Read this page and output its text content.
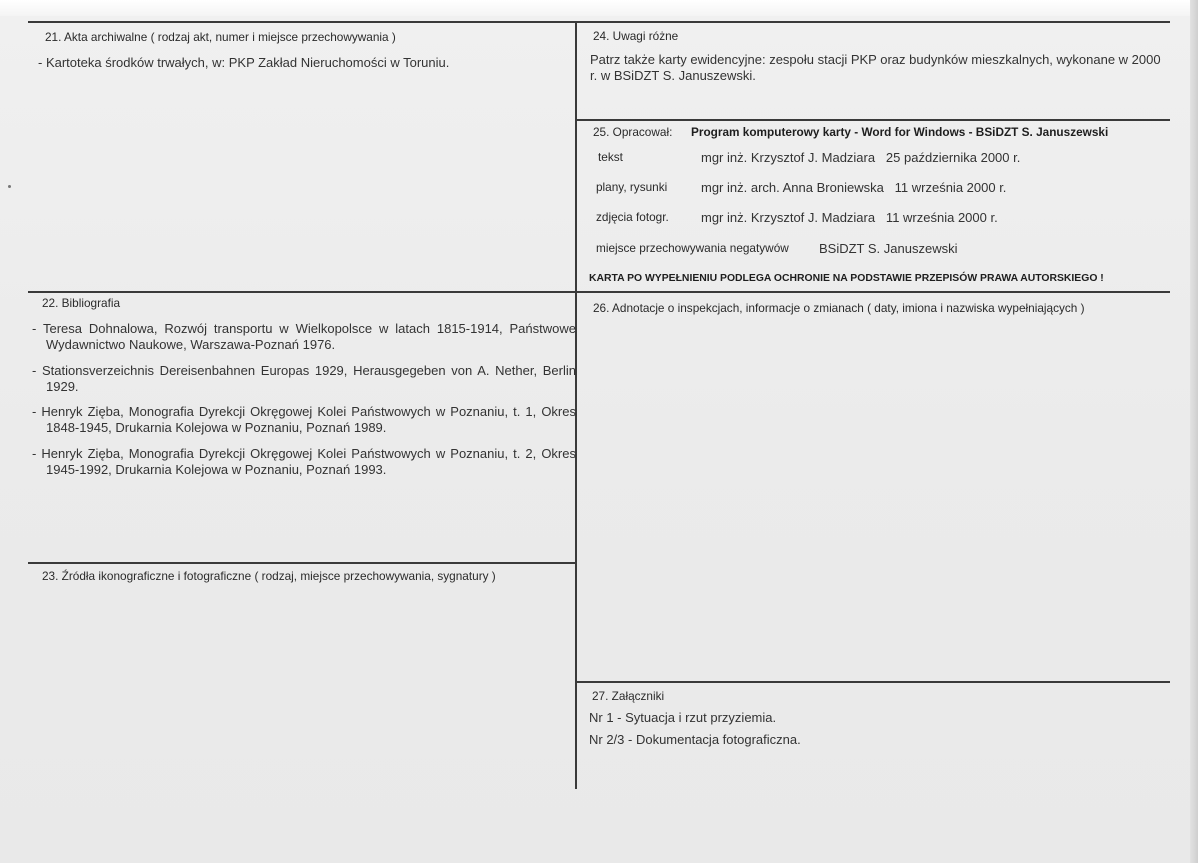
21. Akta archiwalne ( rodzaj akt, numer i miejsce przechowywania )
- Kartoteka środków trwałych, w: PKP Zakład Nieruchomości w Toruniu.
22. Bibliografia
- Teresa Dohnalowa, Rozwój transportu w Wielkopolsce w latach 1815-1914, Państwowe Wydawnictwo Naukowe, Warszawa-Poznań 1976.
- Stationsverzeichnis Dereisenbahnen Europas 1929, Herausgegeben von A. Nether, Berlin 1929.
- Henryk Zięba, Monografia Dyrekcji Okręgowej Kolei Państwowych w Poznaniu, t. 1, Okres 1848-1945, Drukarnia Kolejowa w Poznaniu, Poznań 1989.
- Henryk Zięba, Monografia Dyrekcji Okręgowej Kolei Państwowych w Poznaniu, t. 2, Okres 1945-1992, Drukarnia Kolejowa w Poznaniu, Poznań 1993.
23. Źródła ikonograficzne i fotograficzne ( rodzaj, miejsce przechowywania, sygnatury )
24. Uwagi różne
Patrz także karty ewidencyjne: zespołu stacji PKP oraz budynków mieszkalnych, wykonane w 2000 r. w BSiDZT S. Januszewski.
25. Opracował: Program komputerowy karty - Word for Windows - BSiDZT S. Januszewski
tekst	mgr inż. Krzysztof J. Madziara   25 października 2000 r.
plany, rysunki	mgr inż. arch. Anna Broniewska   11 września 2000 r.
zdjęcia fotogr. mgr inż. Krzysztof J. Madziara   11 września 2000 r.
miejsce przechowywania negatywów BSiDZT S. Januszewski
KARTA PO WYPEŁNIENIU PODLEGA OCHRONIE NA PODSTAWIE PRZEPISÓW PRAWA AUTORSKIEGO !
26. Adnotacje o inspekcjach, informacje o zmianach ( daty, imiona i nazwiska wypełniających )
27. Załączniki
Nr 1 - Sytuacja i rzut przyziemia.
Nr 2/3 - Dokumentacja fotograficzna.
